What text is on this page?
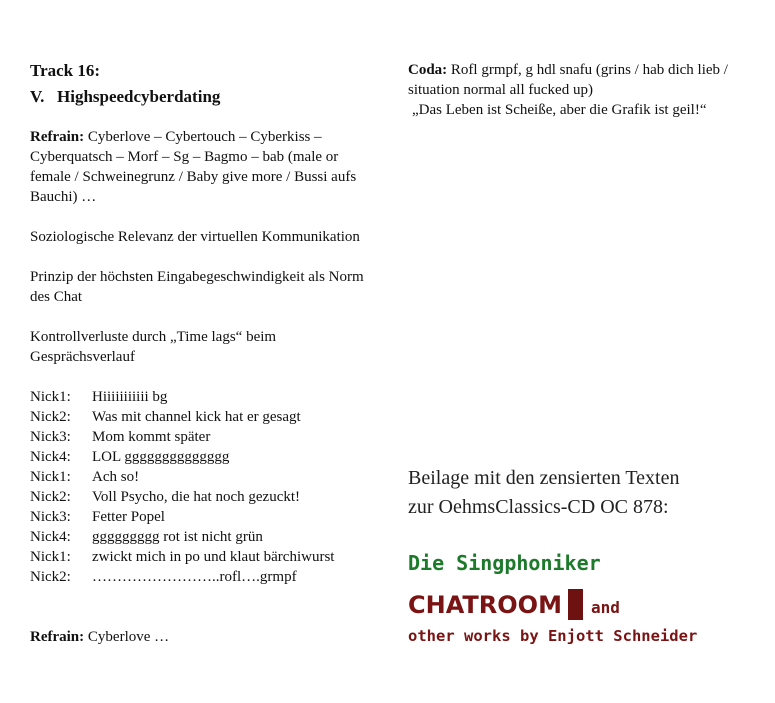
Track 16:
V. Highspeedcyberdating
Refrain: Cyberlove – Cybertouch – Cyberkiss – Cyberquatsch – Morf – Sg – Bagmo – bab (male or female / Schweinegrunz / Baby give more / Bussi aufs Bauchi) …
Soziologische Relevanz der virtuellen Kommunikation
Prinzip der höchsten Eingabegeschwindigkeit als Norm des Chat
Kontrollverluste durch „Time lags“ beim Gesprächsverlauf
Nick1:	Hiiiiiiiiiii bg
Nick2:	Was mit channel kick hat er gesagt
Nick3:	Mom kommt später
Nick4:	LOL gggggggggggggg
Nick1:	Ach so!
Nick2:	Voll Psycho, die hat noch gezuckt!
Nick3:	Fetter Popel
Nick4:	ggggggggg rot ist nicht grün
Nick1:	zwickt mich in po und klaut bärchiwurst
Nick2:	……………………..rofl….grmpf
Refrain: Cyberlove …
Coda: Rofl grmpf, g hdl snafu (grins / hab dich lieb / situation normal all fucked up)
„Das Leben ist Scheiße, aber die Grafik ist geil!“
Beilage mit den zensierten Texten
zur OehmsClassics-CD OC 878:
Die Singphoniker
CHATROOM and
other works by Enjott Schneider
